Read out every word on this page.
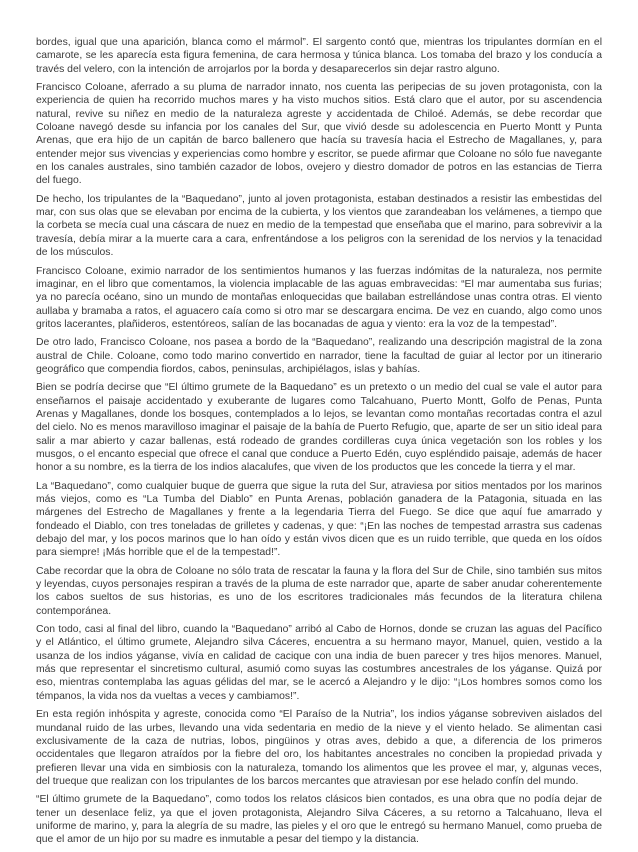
bordes, igual que una aparición, blanca como el mármol”. El sargento contó que, mientras los tripulantes dormían en el camarote, se les aparecía esta figura femenina, de cara hermosa y túnica blanca. Los tomaba del brazo y los conducía a través del velero, con la intención de arrojarlos por la borda y desaparecerlos sin dejar rastro alguno.

Francisco Coloane, aferrado a su pluma de narrador innato, nos cuenta las peripecias de su joven protagonista, con la experiencia de quien ha recorrido muchos mares y ha visto muchos sitios. Está claro que el autor, por su ascendencia natural, revive su niñez en medio de la naturaleza agreste y accidentada de Chiloé. Además, se debe recordar que Coloane navegó desde su infancia por los canales del Sur, que vivió desde su adolescencia en Puerto Montt y Punta Arenas, que era hijo de un capitán de barco ballenero que hacía su travesía hacia el Estrecho de Magallanes, y, para entender mejor sus vivencias y experiencias como hombre y escritor, se puede afirmar que Coloane no sólo fue navegante en los canales australes, sino también cazador de lobos, ovejero y diestro domador de potros en las estancias de Tierra del fuego.

De hecho, los tripulantes de la “Baquedano”, junto al joven protagonista, estaban destinados a resistir las embestidas del mar, con sus olas que se elevaban por encima de la cubierta, y los vientos que zarandeaban los velámenes, a tiempo que la corbeta se mecía cual una cáscara de nuez en medio de la tempestad que enseñaba que el marino, para sobrevivir a la travesía, debía mirar a la muerte cara a cara, enfrentándose a los peligros con la serenidad de los nervios y la tenacidad de los músculos.

Francisco Coloane, eximio narrador de los sentimientos humanos y las fuerzas indómitas de la naturaleza, nos permite imaginar, en el libro que comentamos, la violencia implacable de las aguas embravecidas: “El mar aumentaba sus furias; ya no parecía océano, sino un mundo de montañas enloquecidas que bailaban estrellándose unas contra otras. El viento aullaba y bramaba a ratos, el aguacero caía como si otro mar se descargara encima. De vez en cuando, algo como unos gritos lacerantes, plañideros, estentóreos, salían de las bocanadas de agua y viento: era la voz de la tempestad”.

De otro lado, Francisco Coloane, nos pasea a bordo de la “Baquedano”, realizando una descripción magistral de la zona austral de Chile. Coloane, como todo marino convertido en narrador, tiene la facultad de guiar al lector por un itinerario geográfico que compendia fiordos, cabos, peninsulas, archipiélagos, islas y bahías.

Bien se podría decirse que “El último grumete de la Baquedano” es un pretexto o un medio del cual se vale el autor para enseñarnos el paisaje accidentado y exuberante de lugares como Talcahuano, Puerto Montt, Golfo de Penas, Punta Arenas y Magallanes, donde los bosques, contemplados a lo lejos, se levantan como montañas recortadas contra el azul del cielo. No es menos maravilloso imaginar el paisaje de la bahía de Puerto Refugio, que, aparte de ser un sitio ideal para salir a mar abierto y cazar ballenas, está rodeado de grandes cordilleras cuya única vegetación son los robles y los musgos, o el encanto especial que ofrece el canal que conduce a Puerto Edén, cuyo espléndido paisaje, además de hacer honor a su nombre, es la tierra de los indios alacalufes, que viven de los productos que les concede la tierra y el mar.

La “Baquedano”, como cualquier buque de guerra que sigue la ruta del Sur, atraviesa por sitios mentados por los marinos más viejos, como es “La Tumba del Diablo” en Punta Arenas, población ganadera de la Patagonia, situada en las márgenes del Estrecho de Magallanes y frente a la legendaria Tierra del Fuego. Se dice que aquí fue amarrado y fondeado el Diablo, con tres toneladas de grilletes y cadenas, y que: “¡En las noches de tempestad arrastra sus cadenas debajo del mar, y los pocos marinos que lo han oído y están vivos dicen que es un ruido terrible, que queda en los oídos para siempre! ¡Más horrible que el de la tempestad!”.

Cabe recordar que la obra de Coloane no sólo trata de rescatar la fauna y la flora del Sur de Chile, sino también sus mitos y leyendas, cuyos personajes respiran a través de la pluma de este narrador que, aparte de saber anudar coherentemente los cabos sueltos de sus historias, es uno de los escritores tradicionales más fecundos de la literatura chilena contemporánea.

Con todo, casi al final del libro, cuando la “Baquedano” arribó al Cabo de Hornos, donde se cruzan las aguas del Pacífico y el Atlántico, el último grumete, Alejandro silva Cáceres, encuentra a su hermano mayor, Manuel, quien, vestido a la usanza de los indios yáganse, vivía en calidad de cacique con una india de buen parecer y tres hijos menores. Manuel, más que representar el sincretismo cultural, asumió como suyas las costumbres ancestrales de los yáganse. Quizá por eso, mientras contemplaba las aguas gélidas del mar, se le acercó a Alejandro y le dijo: “¡Los hombres somos como los témpanos, la vida nos da vueltas a veces y cambiamos!”.

En esta región inhóspita y agreste, conocida como “El Paraíso de la Nutria”, los indios yáganse sobreviven aislados del mundanal ruido de las urbes, llevando una vida sedentaria en medio de la nieve y el viento helado. Se alimentan casi exclusivamente de la caza de nutrias, lobos, pingüinos y otras aves, debido a que, a diferencia de los primeros occidentales que llegaron atraídos por la fiebre del oro, los habitantes ancestrales no conciben la propiedad privada y prefieren llevar una vida en simbiosis con la naturaleza, tomando los alimentos que les provee el mar, y, algunas veces, del trueque que realizan con los tripulantes de los barcos mercantes que atraviesan por ese helado confín del mundo.

“El último grumete de la Baquedano”, como todos los relatos clásicos bien contados, es una obra que no podía dejar de tener un desenlace feliz, ya que el joven protagonista, Alejandro Silva Cáceres, a su retorno a Talcahuano, lleva el uniforme de marino, y, para la alegría de su madre, las pieles y el oro que le entregó su hermano Manuel, como prueba de que el amor de un hijo por su madre es inmutable a pesar del tiempo y la distancia.
